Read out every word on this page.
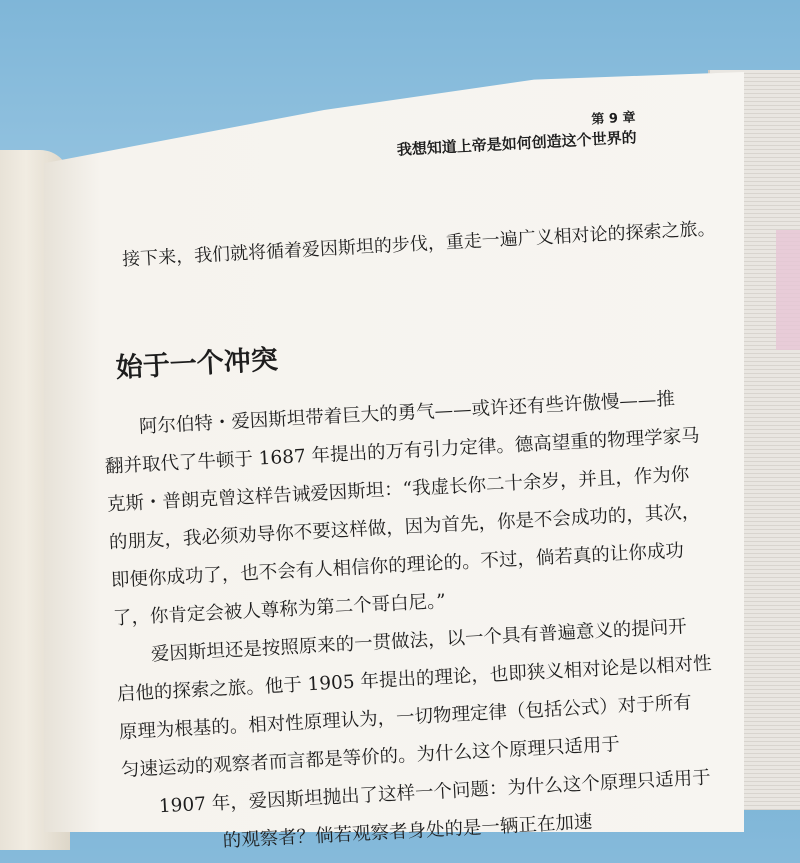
第 9 章
我想知道上帝是如何创造这个世界的
接下来，我们就将循着爱因斯坦的步伐，重走一遍广义相对论的探索之旅。
始于一个冲突
阿尔伯特・爱因斯坦带着巨大的勇气——或许还有些许傲慢——推
翻并取代了牛顿于 1687 年提出的万有引力定律。德高望重的物理学家马
克斯・普朗克曾这样告诫爱因斯坦：“我虚长你二十余岁，并且，作为你
的朋友，我必须劝导你不要这样做，因为首先，你是不会成功的，其次，
即便你成功了，也不会有人相信你的理论的。不过，倘若真的让你成功
了，你肯定会被人尊称为第二个哥白尼。”
爱因斯坦还是按照原来的一贯做法，以一个具有普遍意义的提问开
启他的探索之旅。他于 1905 年提出的理论，也即狭义相对论是以相对性
原理为根基的。相对性原理认为，一切物理定律（包括公式）对于所有
匀速运动的观察者而言都是等价的。为什么这个原理只适用于
1907 年，爱因斯坦抛出了这样一个问题：为什么这个原理只适用于
的观察者？倘若观察者身处的是一辆正在加速
